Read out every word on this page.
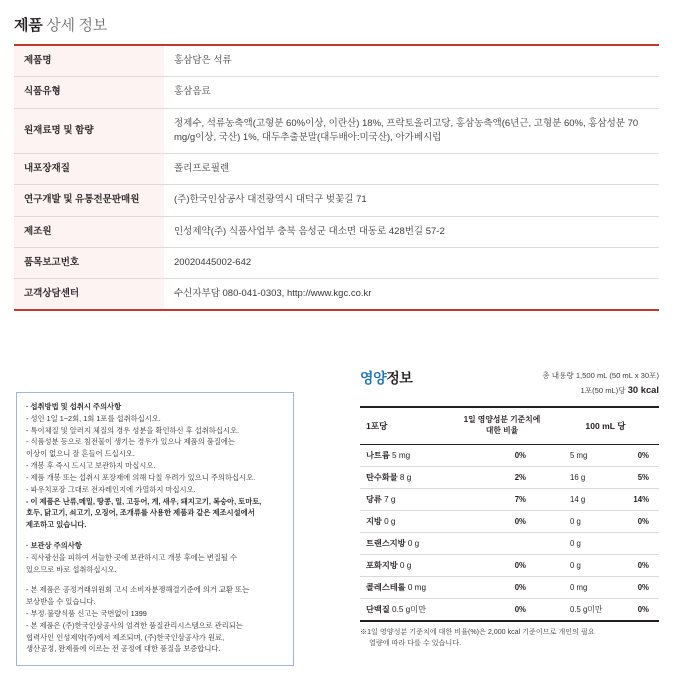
제품 상세 정보
제품명	홍삼담은 석류
식품유형	홍삼음료
원재료명 및 함량	정제수, 석류농축액(고형분 60%이상, 이란산) 18%, 프락토올리고당, 홍삼농축액(6년근, 고형분 60%, 홍삼성분 70 mg/g이상, 국산) 1%, 대두추출분말(대두배아:미국산), 아가베시럽
내포장재질	폴리프로필렌
연구개발 및 유통전문판매원	(주)한국인삼공사 대전광역시 대덕구 벚꽃길 71
제조원	인성제약(주) 식품사업부 충북 음성군 대소면 대동로 428번길 57-2
품목보고번호	20020445002-642
고객상담센터	수신자부담 080-041-0303, http://www.kgc.co.kr

· 섭취방법 및 섭취시 주의사항

- 성인 1일 1~2회, 1회 1포를 섭취하십시오.

- 특이체질 및 알러지 체질의 경우 성분을 확인하신 후 섭취하십시오.

- 식품성분 등으로 침전물이 생기는 경우가 있으나 제품의 품질에는

이상이 없으니 잘 흔들어 드십시오.

- 개봉 후 즉시 드시고 보관하지 마십시오.

- 제품 개봉 또는 섭취시 포장재에 의해 다칠 우려가 있으니 주의하십시오.

- 파우치포장 그대로 전자레인지에 가열하지 마십시오.

- 이 제품은 난류,메밀, 땅콩, 밀, 고등어, 게, 새우, 돼지고기, 복숭아, 토마토,

호두, 닭고기, 쇠고기, 오징어, 조개류를 사용한 제품과 같은 제조시설에서

제조하고 있습니다.

· 보관상 주의사항

- 직사광선을 피하여 서늘한 곳에 보관하시고 개봉 후에는 변질될 수

있으므로 바로 섭취하십시오.

- 본 제품은 공정거래위원회 고시 소비자분쟁해결기준에 의거 교환 또는

보상받을 수 있습니다.

- 부정·불량식품 신고는 국번없이 1399

- 본 제품은 (주)한국인삼공사의 엄격한 품질관리시스템으로 관리되는

협력사인 인성제약(주)에서 제조되며, (주)한국인삼공사가 원료,

생산공정, 완제품에 이르는 전 공정에 대한 품질을 보증합니다.

영양정보	총 내용량 1,500 mL (50 mL x 30포)
1포(50 mL)당 30 kcal
1포당	1일 영양성분 기준치에
대한 비율	100 mL 당	
나트륨 5 mg	0%	5 mg	0%
탄수화물 8 g	2%	16 g	5%
당류 7 g	7%	14 g	14%
지방 0 g	0%	0 g	0%
트랜스지방 0 g		0 g	
포화지방 0 g	0%	0 g	0%
콜레스테롤 0 mg	0%	0 mg	0%
단백질 0.5 g미만	0%	0.5 g미만	0%
※1일 영양성분 기준치에 대한 비율(%)은 2,000 kcal 기준이므로 개인의 필요
열량에 따라 다를 수 있습니다.
